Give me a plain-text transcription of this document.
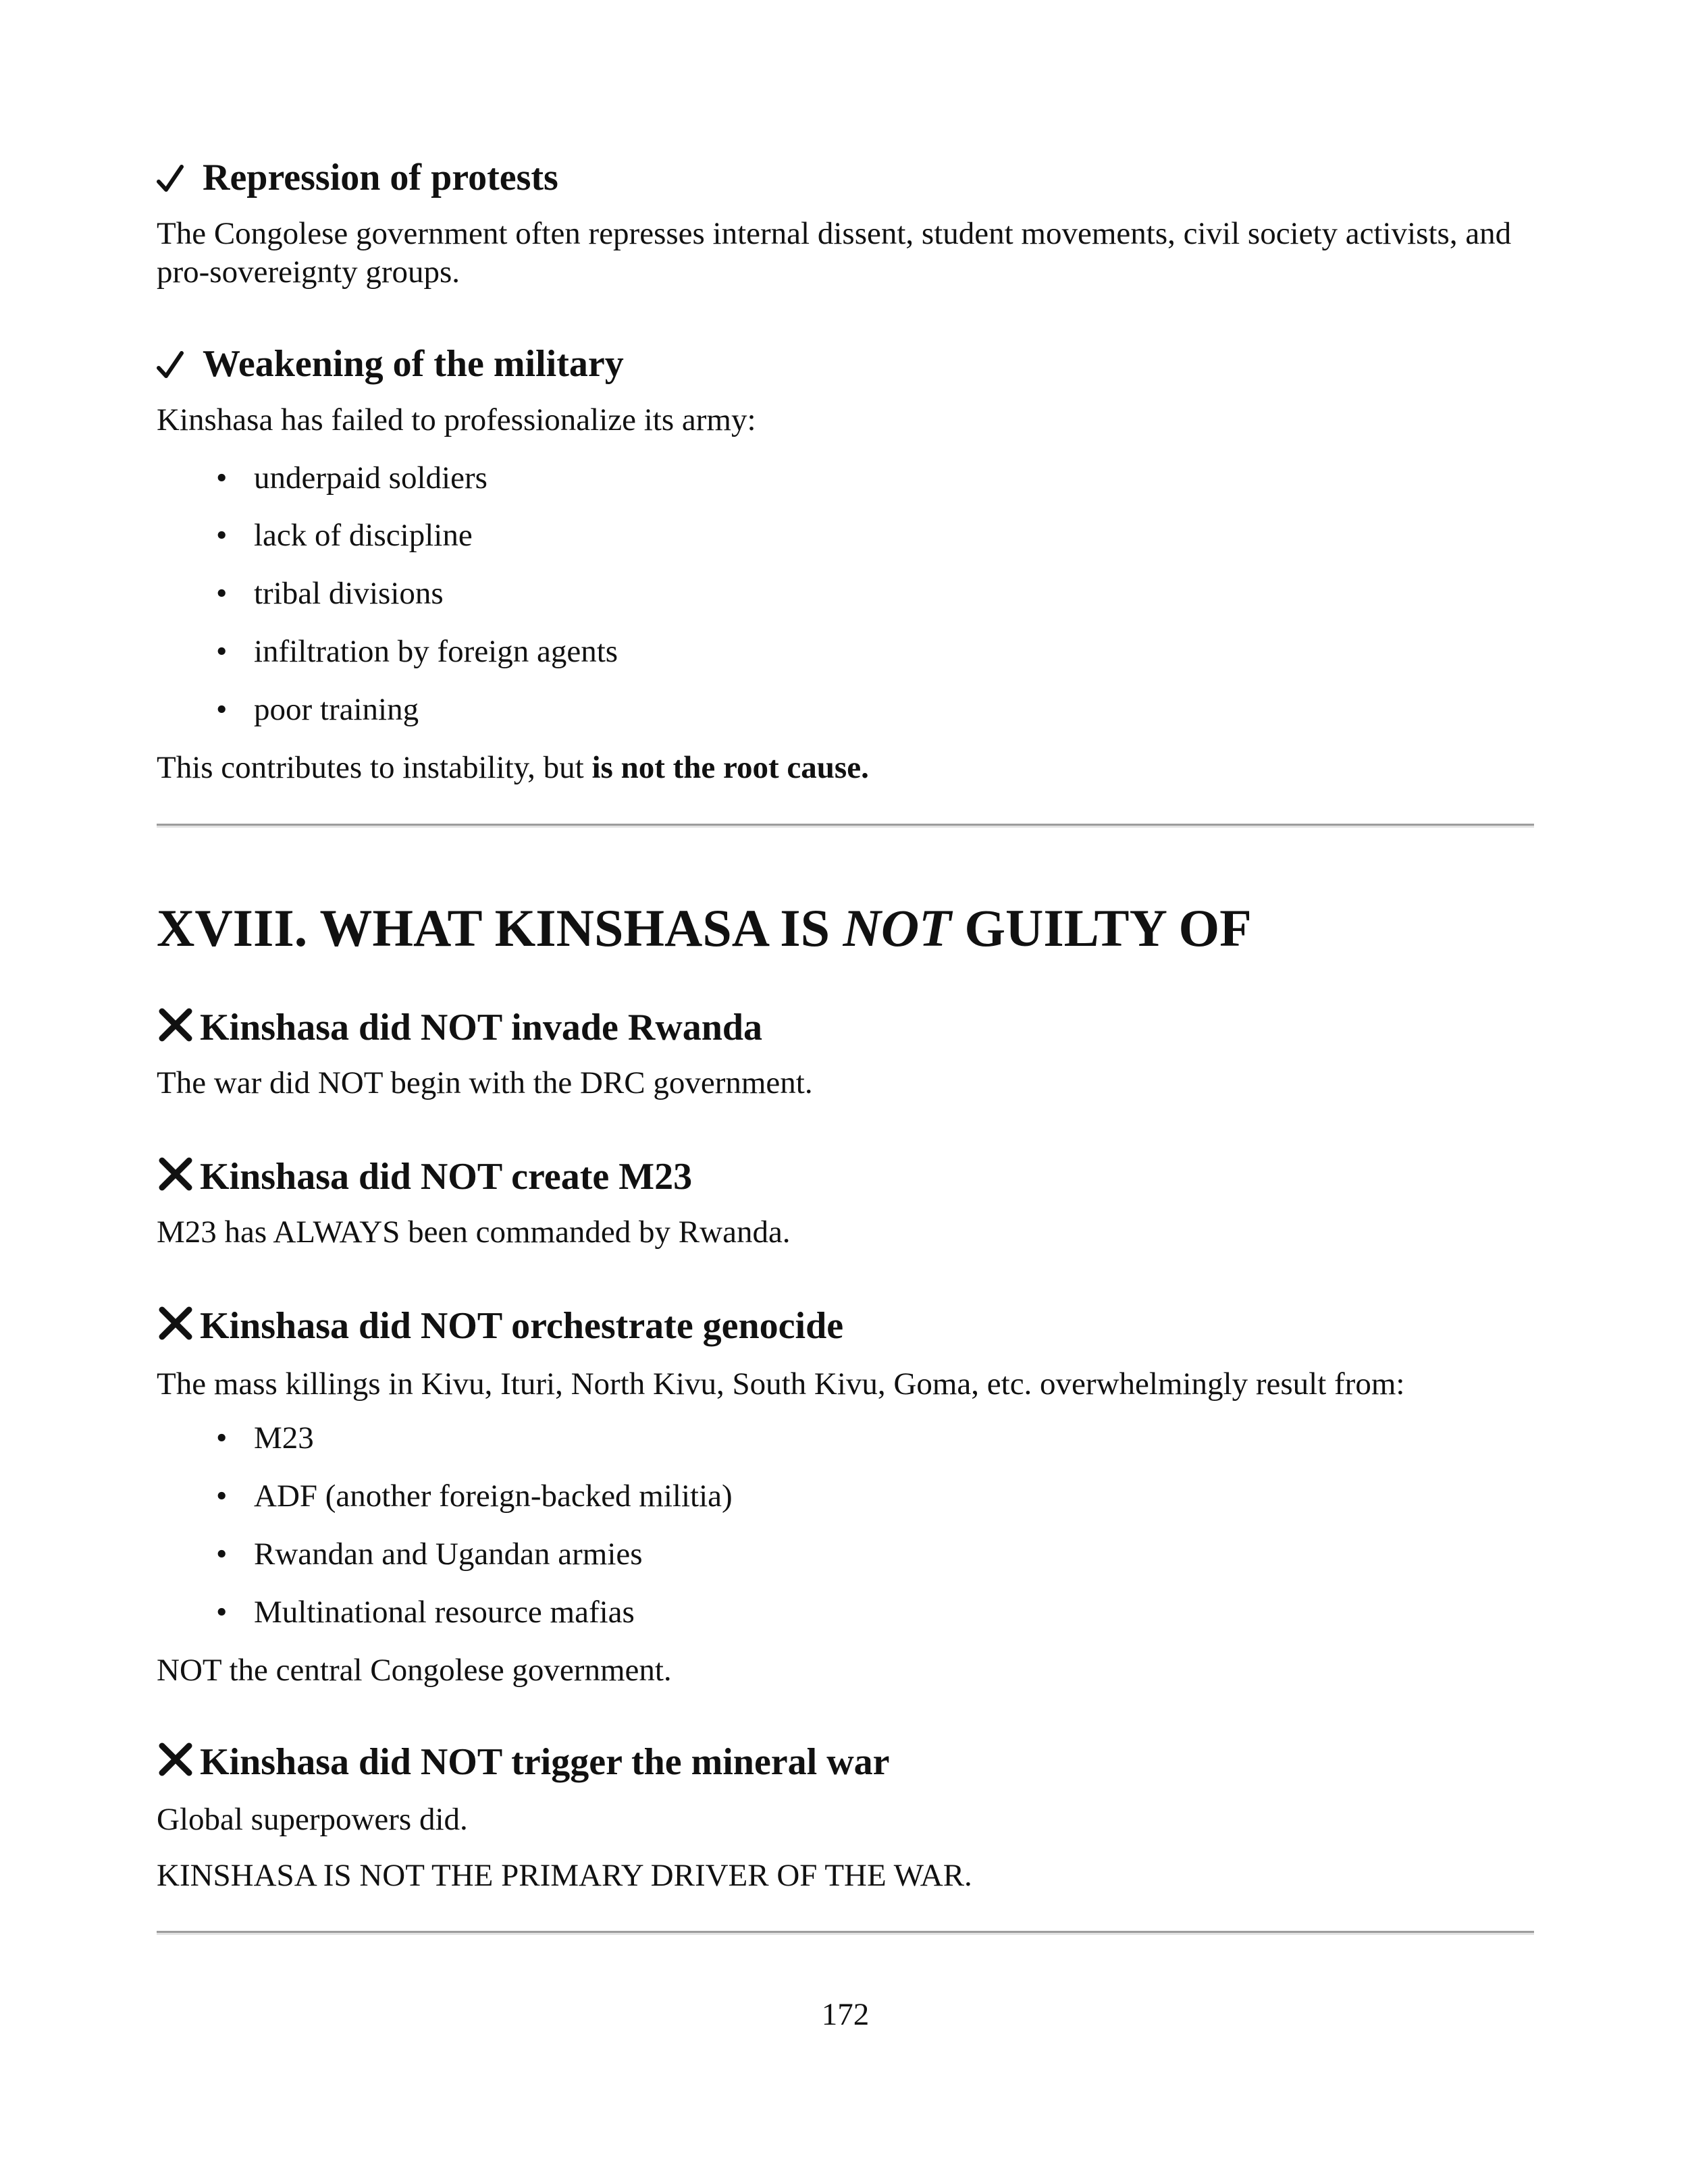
Repression of protests
The Congolese government often represses internal dissent, student movements, civil society activists, and pro-sovereignty groups.
Weakening of the military
Kinshasa has failed to professionalize its army:
• underpaid soldiers
• lack of discipline
• tribal divisions
• infiltration by foreign agents
• poor training
This contributes to instability, but is not the root cause.
XVIII. WHAT KINSHASA IS NOT GUILTY OF
Kinshasa did NOT invade Rwanda
The war did NOT begin with the DRC government.
Kinshasa did NOT create M23
M23 has ALWAYS been commanded by Rwanda.
Kinshasa did NOT orchestrate genocide
The mass killings in Kivu, Ituri, North Kivu, South Kivu, Goma, etc. overwhelmingly result from:
• M23
• ADF (another foreign-backed militia)
• Rwandan and Ugandan armies
• Multinational resource mafias
NOT the central Congolese government.
Kinshasa did NOT trigger the mineral war
Global superpowers did.
KINSHASA IS NOT THE PRIMARY DRIVER OF THE WAR.
172
